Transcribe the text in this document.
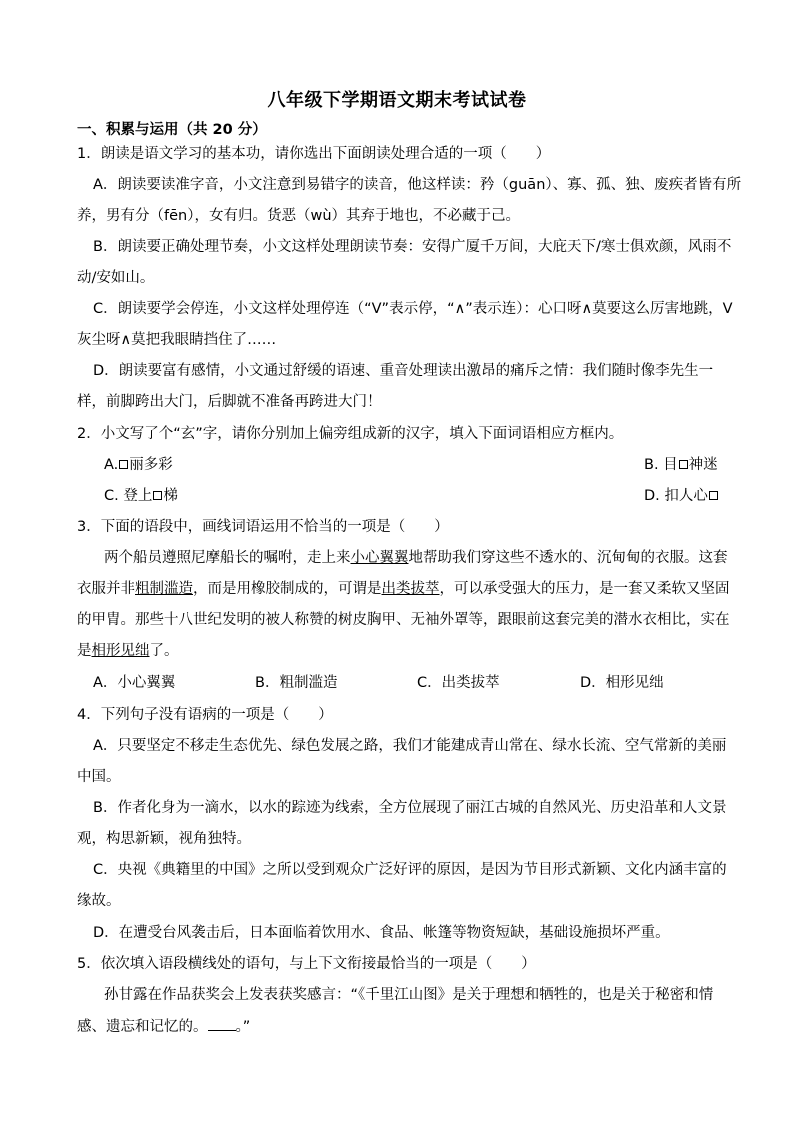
八年级下学期语文期末考试试卷
一、积累与运用（共 20 分）
1．朗读是语文学习的基本功，请你选出下面朗读处理合适的一项（　　）
A．朗读要读准字音，小文注意到易错字的读音，他这样读：矜（guān）、寡、孤、独、废疾者皆有所
养，男有分（fēn），女有归。货恶（wù）其弃于地也，不必藏于己。
B．朗读要正确处理节奏，小文这样处理朗读节奏：安得广厦千万间，大庇天下/寒士俱欢颜，风雨不
动/安如山。
C．朗读要学会停连，小文这样处理停连（“V”表示停，“∧”表示连）：心口呀∧莫要这么厉害地跳，V
灰尘呀∧莫把我眼睛挡住了……
D．朗读要富有感情，小文通过舒缓的语速、重音处理读出激昂的痛斥之情：我们随时像李先生一
样，前脚跨出大门，后脚就不准备再跨进大门！
2．小文写了个“玄”字，请你分别加上偏旁组成新的汉字，填入下面词语相应方框内。
A. 丽多彩	B. 目 神迷
C. 登上 梯	D. 扣人心
3．下面的语段中，画线词语运用不恰当的一项是（　　）
两个船员遵照尼摩船长的嘱咐，走上来小心翼翼地帮助我们穿这些不透水的、沉甸甸的衣服。这套
衣服并非粗制滥造，而是用橡胶制成的，可谓是出类拔萃，可以承受强大的压力，是一套又柔软又坚固
的甲胄。那些十八世纪发明的被人称赞的树皮胸甲、无袖外罩等，跟眼前这套完美的潜水衣相比，实在
是相形见绌了。
A．小心翼翼	B．粗制滥造	C．出类拔萃	D．相形见绌
4．下列句子没有语病的一项是（　　）
A．只要坚定不移走生态优先、绿色发展之路，我们才能建成青山常在、绿水长流、空气常新的美丽
中国。
B．作者化身为一滴水，以水的踪迹为线索，全方位展现了丽江古城的自然风光、历史沿革和人文景
观，构思新颖，视角独特。
C．央视《典籍里的中国》之所以受到观众广泛好评的原因，是因为节目形式新颖、文化内涵丰富的
缘故。
D．在遭受台风袭击后，日本面临着饮用水、食品、帐篷等物资短缺，基础设施损坏严重。
5．依次填入语段横线处的语句，与上下文衔接最恰当的一项是（　　）
孙甘露在作品获奖会上发表获奖感言：“《千里江山图》是关于理想和牺牲的，也是关于秘密和情
感、遗忘和记忆的。 。”
